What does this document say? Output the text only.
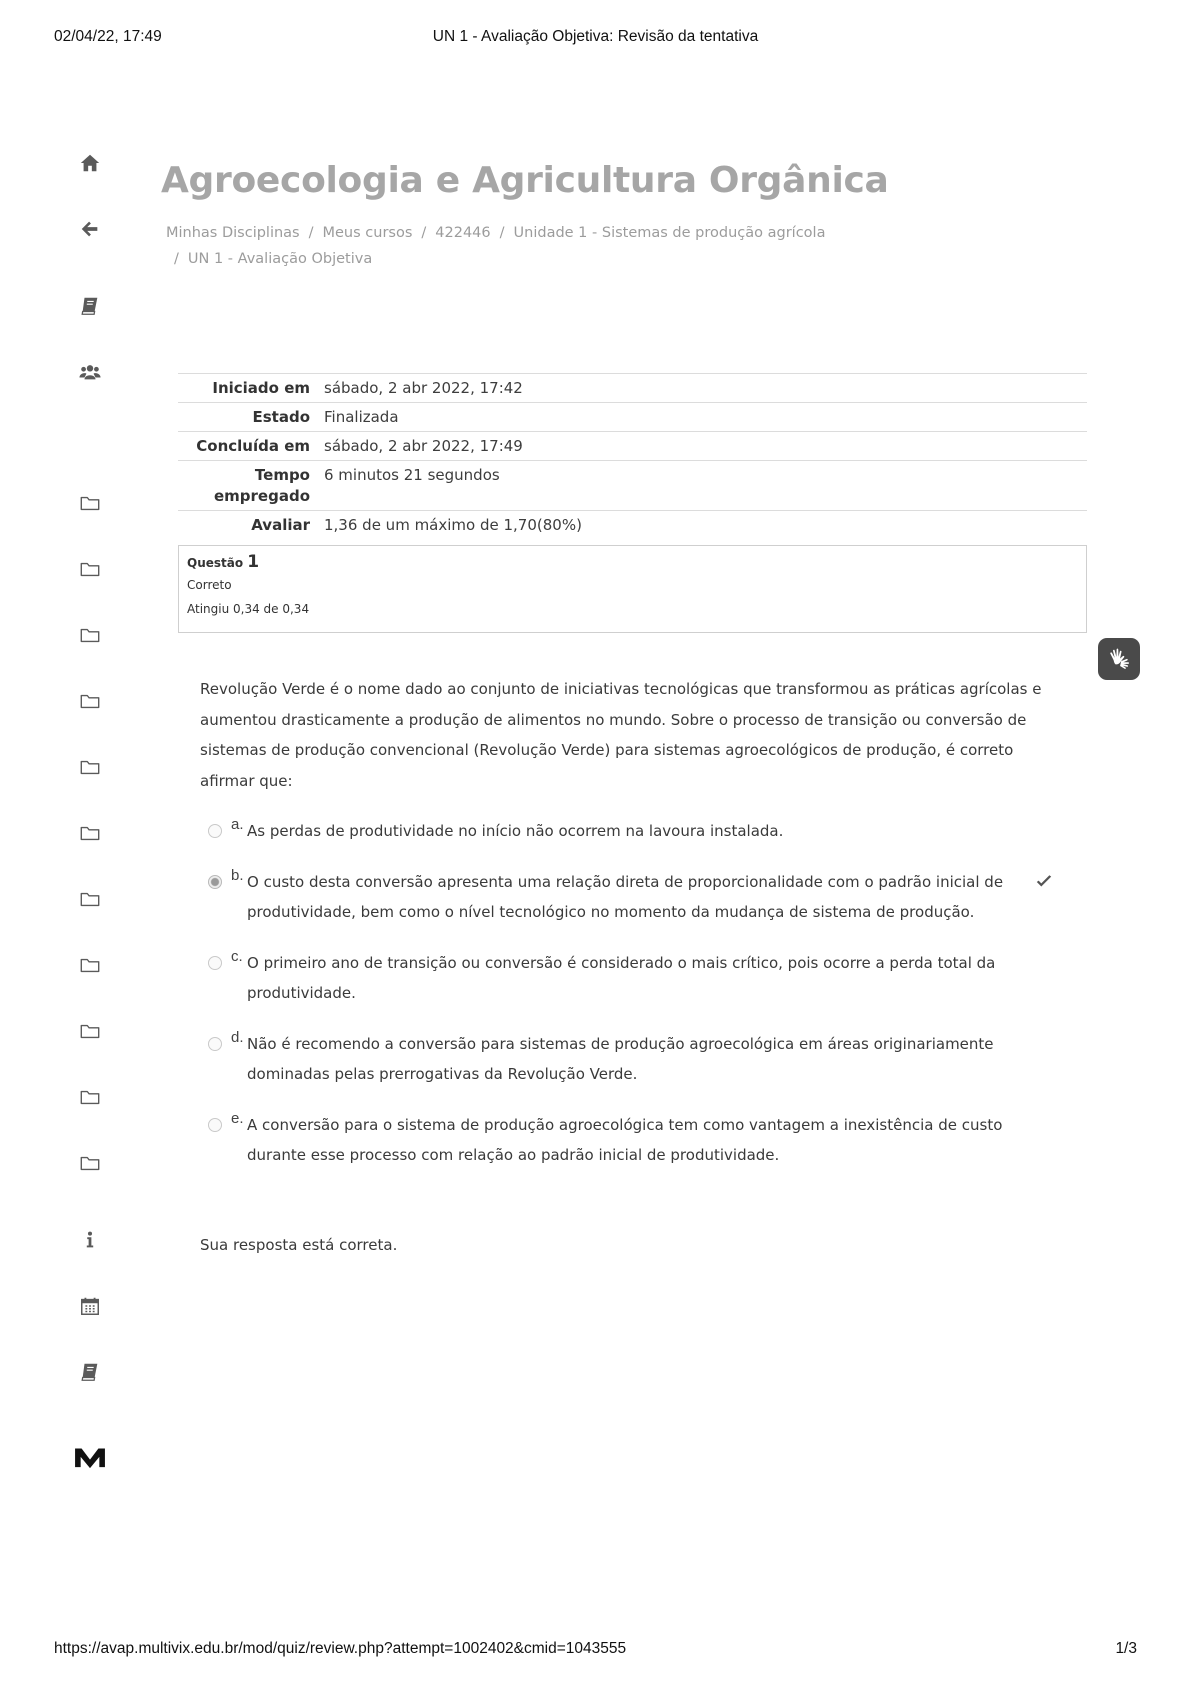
02/04/22, 17:49	UN 1 - Avaliação Objetiva: Revisão da tentativa
Agroecologia e Agricultura Orgânica
Minhas Disciplinas / Meus cursos / 422446 / Unidade 1 - Sistemas de produção agrícola
/ UN 1 - Avaliação Objetiva
Iniciado em sábado, 2 abr 2022, 17:42
Estado Finalizada
Concluída em sábado, 2 abr 2022, 17:49
Tempo
empregado
6 minutos 21 segundos
Avaliar 1,36 de um máximo de 1,70(80%)
Questão 1
Correto
Atingiu 0,34 de 0,34
Revolução Verde é o nome dado ao conjunto de iniciativas tecnológicas que transformou as práticas agrícolas e aumentou drasticamente a produção de alimentos no mundo. Sobre o processo de transição ou conversão de sistemas de produção convencional (Revolução Verde) para sistemas agroecológicos de produção, é correto afirmar que:
a. As perdas de produtividade no início não ocorrem na lavoura instalada.
b. O custo desta conversão apresenta uma relação direta de proporcionalidade com o padrão inicial de produtividade, bem como o nível tecnológico no momento da mudança de sistema de produção.
c. O primeiro ano de transição ou conversão é considerado o mais crítico, pois ocorre a perda total da produtividade.
d. Não é recomendo a conversão para sistemas de produção agroecológica em áreas originariamente dominadas pelas prerrogativas da Revolução Verde.
e. A conversão para o sistema de produção agroecológica tem como vantagem a inexistência de custo durante esse processo com relação ao padrão inicial de produtividade.
Sua resposta está correta.
https://avap.multivix.edu.br/mod/quiz/review.php?attempt=1002402&cmid=1043555	1/3
